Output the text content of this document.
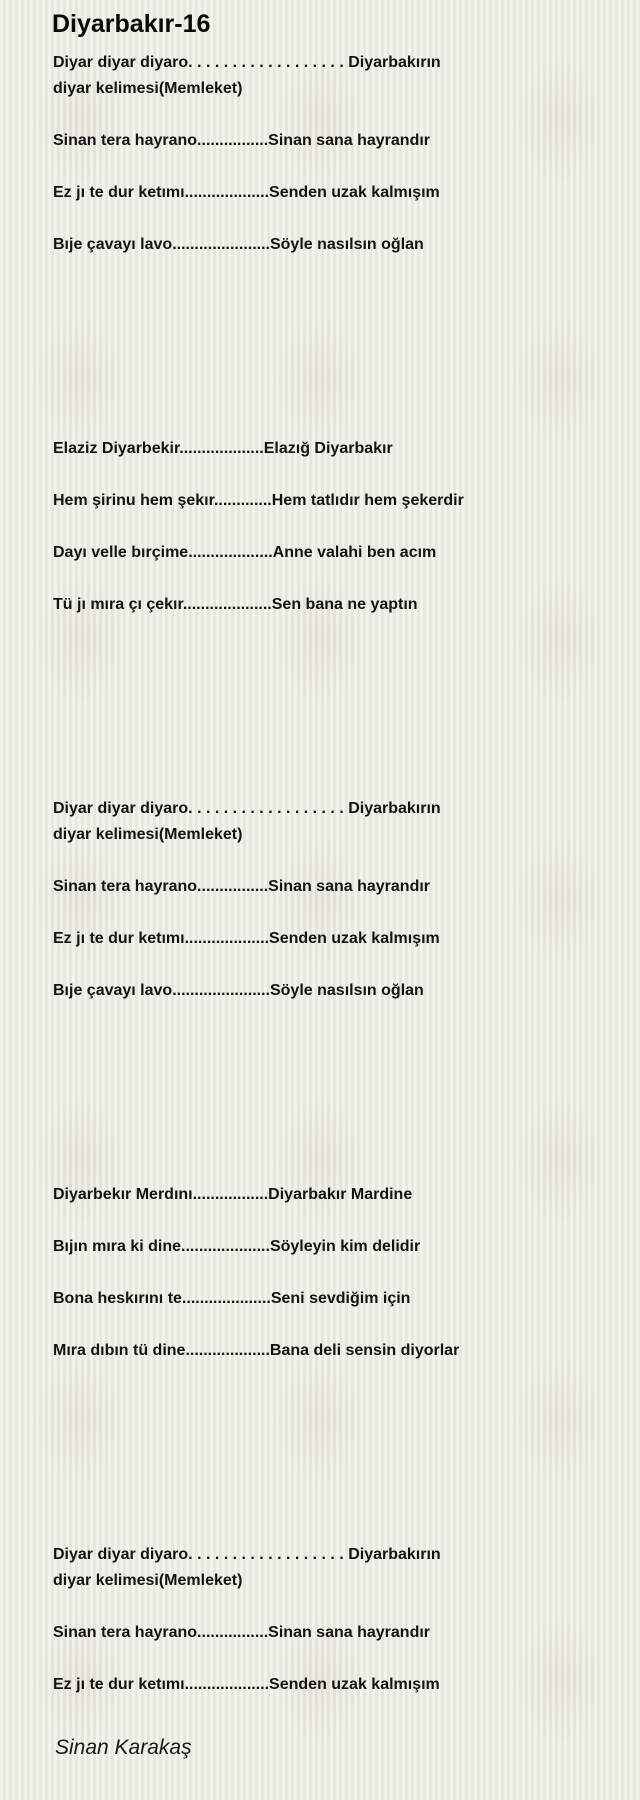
Diyarbakır-16
Diyar diyar diyaro. . . . . . . . . . . . . . . . . . Diyarbakırın
diyar kelimesi(Memleket)
Sinan tera hayrano................Sinan sana hayrandır
Ez jı te dur ketımı...................Senden uzak kalmışım
Bıje çavayı lavo......................Söyle nasılsın oğlan
Elaziz Diyarbekir...................Elazığ Diyarbakır
Hem şirinu hem şekır.............Hem tatlıdır hem şekerdir
Dayı velle bırçime...................Anne valahi ben acım
Tü jı mıra çı çekır....................Sen bana ne yaptın
Diyar diyar diyaro. . . . . . . . . . . . . . . . . . Diyarbakırın
diyar kelimesi(Memleket)
Sinan tera hayrano................Sinan sana hayrandır
Ez jı te dur ketımı...................Senden uzak kalmışım
Bıje çavayı lavo......................Söyle nasılsın oğlan
Diyarbekır Merdını.................Diyarbakır Mardine
Bıjın mıra ki dine....................Söyleyin kim delidir
Bona heskırını te....................Seni sevdiğim için
Mıra dıbın tü dine...................Bana deli sensin diyorlar
Diyar diyar diyaro. . . . . . . . . . . . . . . . . . Diyarbakırın
diyar kelimesi(Memleket)
Sinan tera hayrano................Sinan sana hayrandır
Ez jı te dur ketımı...................Senden uzak kalmışım
Sinan Karakaş
